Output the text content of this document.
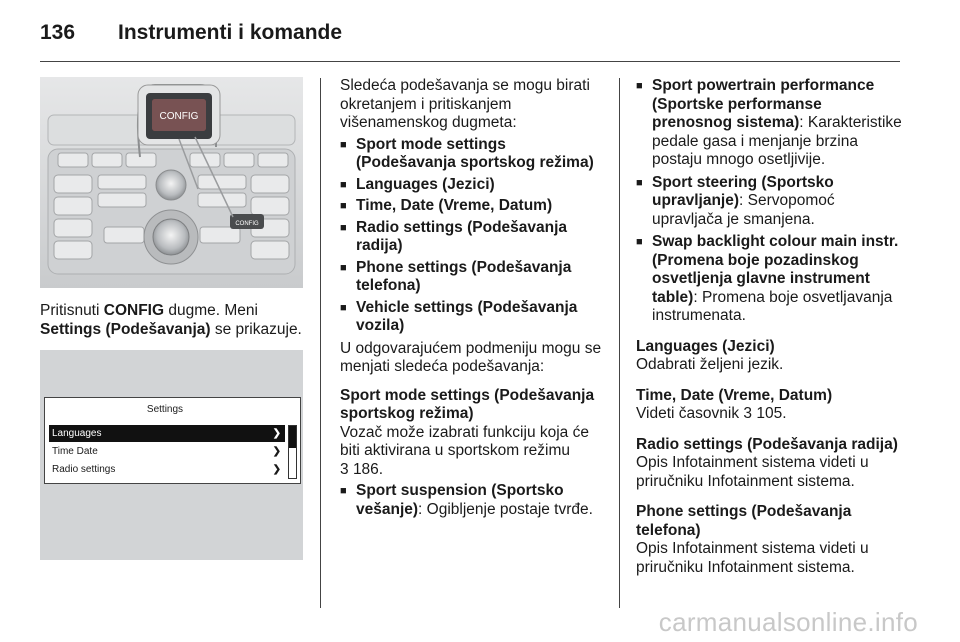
136 Instrumenti i komande
CONFIG
CONFIG

Pritisnuti CONFIG dugme. Meni Settings (Podešavanja) se prikazuje.

Settings
Languages	❯
Time Date	❯
Radio settings	❯

Sledeća podešavanja se mogu birati okretanjem i pritiskanjem višenamenskog dugmeta:

■ Sport mode settings (Podešavanja sportskog režima)
■ Languages (Jezici)
■ Time, Date (Vreme, Datum)
■ Radio settings (Podešavanja radija)
■ Phone settings (Podešavanja telefona)
■ Vehicle settings (Podešavanja vozila)

U odgovarajućem podmeniju mogu se menjati sledeća podešavanja:

Sport mode settings (Podešavanja sportskog režima)

Vozač može izabrati funkciju koja će biti aktivirana u sportskom režimu
3 186.

■ Sport suspension (Sportsko vešanje): Ogibljenje postaje tvrđe.
■ Sport powertrain performance (Sportske performanse prenosnog sistema): Karakteristike pedale gasa i menjanje brzina postaju mnogo osetljivije.
■ Sport steering (Sportsko upravljanje): Servopomoć upravljača je smanjena.
■ Swap backlight colour main instr. (Promena boje pozadinskog osvetljenja glavne instrument table): Promena boje osvetljavanja instrumenata.

Languages (Jezici)

Odabrati željeni jezik.

Time, Date (Vreme, Datum)

Videti časovnik 3 105.

Radio settings (Podešavanja radija)

Opis Infotainment sistema videti u priručniku Infotainment sistema.

Phone settings (Podešavanja telefona)

Opis Infotainment sistema videti u priručniku Infotainment sistema.

carmanualsonline.info
